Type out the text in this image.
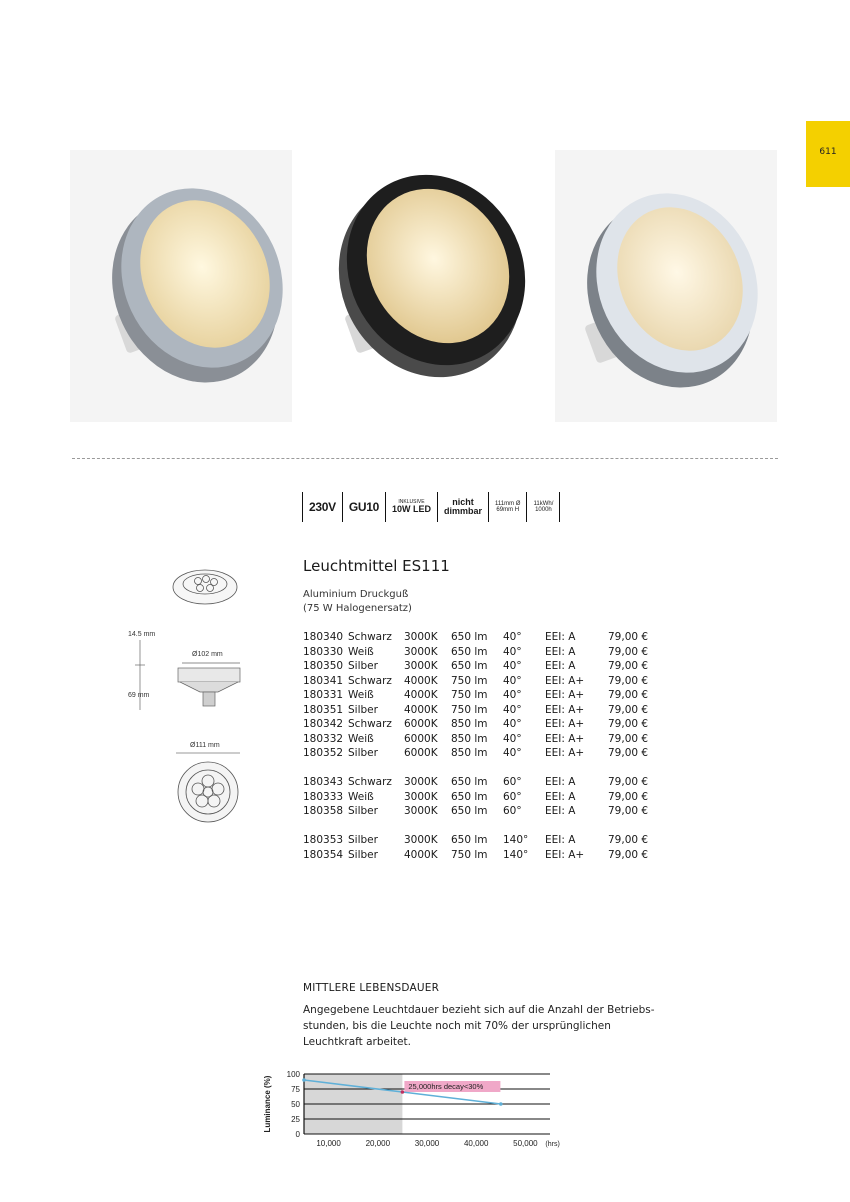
611
230V GU10	INKLUSIVE
10W LED
nicht
dimmbar
111mm Ø
69mm H
11kWh/
1000h
14.5 mm
Ø102 mm
69 mm
Ø111 mm
Leuchtmittel ES111
Aluminium Druckguß
(75 W Halogenersatz)
180340 Schwarz 3000K 650 lm 40° EEI: A	79,00 €
180330 Weiß	3000K 650 lm 40° EEI: A	79,00 €
180350 Silber 3000K 650 lm 40° EEI: A	79,00 €
180341 Schwarz 4000K 750 lm 40° EEI: A+ 79,00 €
180331 Weiß	4000K 750 lm 40° EEI: A+ 79,00 €
180351 Silber 4000K 750 lm 40° EEI: A+ 79,00 €
180342 Schwarz 6000K 850 lm 40° EEI: A+ 79,00 €
180332 Weiß	6000K 850 lm 40° EEI: A+ 79,00 €
180352 Silber 6000K 850 lm 40° EEI: A+ 79,00 €
180343 Schwarz 3000K 650 lm 60° EEI: A	79,00 €
180333 Weiß	3000K 650 lm 60° EEI: A	79,00 €
180358 Silber 3000K 650 lm 60° EEI: A	79,00 €
180353 Silber 3000K 650 lm 140° EEI: A	79,00 €
180354 Silber 4000K 750 lm 140° EEI: A+ 79,00 €
MITTLERE LEBENSDAUER
Angegebene Leuchtdauer bezieht sich auf die Anzahl der Betriebs-stunden, bis die Leuchte noch mit 70% der ursprünglichen Leuchtkraft arbeitet.
100
75
50
25
0
Luminance (%)
10,000	20,000	30,000	40,000	50,000 (hrs)
25,000hrs decay<30%
